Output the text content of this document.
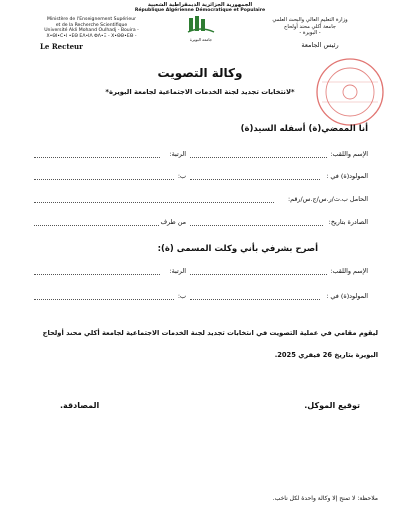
الجمهورية الجزائرية الديمقراطية الشعبية
République Algérienne Démocratique et Populaire
Ministère de l'Enseignement Supérieur
et de la Recherche Scientifique
Université Akli Mohand Oulhadj - Bouira -
X•ΘI•C•I •ΕΘ ΕΛ•ΙΛ ΦΛ•Ξ - Χ•ΘΘ•ΕΘ -
جامعة البويرة
وزارة التعليم العالي والبحث العلمي
جامعة أكلي محند أولحاج
- البويرة -
Le Recteur	رئيس الجامعة
وكالة التصويت
*لانتخابات تجديد لجنة الخدمات الاجتماعية لجامعة البويرة*
أنا الممضي(ة) أسفله السيد(ة)
الإسم واللقب:
الرتبة:
المولود(ة) في :
ب:
الحامل ب.ت/ر.س/ج.س/رقم:
الصادرة بتاريخ:
من طرف
أصرح بشرفي بأني وكلت المسمى (ة):
الإسم واللقب:
الرتبة:
المولود(ة) في :
ب:
ليقوم مقامي في عملية التصويت في انتخابات تجديد لجنة الخدمات الاجتماعية لجامعة أكلي محند أولحاج
البويرة بتاريخ 26 فيفري 2025.
توقيع الموكل.
المصادقة.
ملاحظة: لا تمنح إلا وكالة واحدة لكل ناخب.
